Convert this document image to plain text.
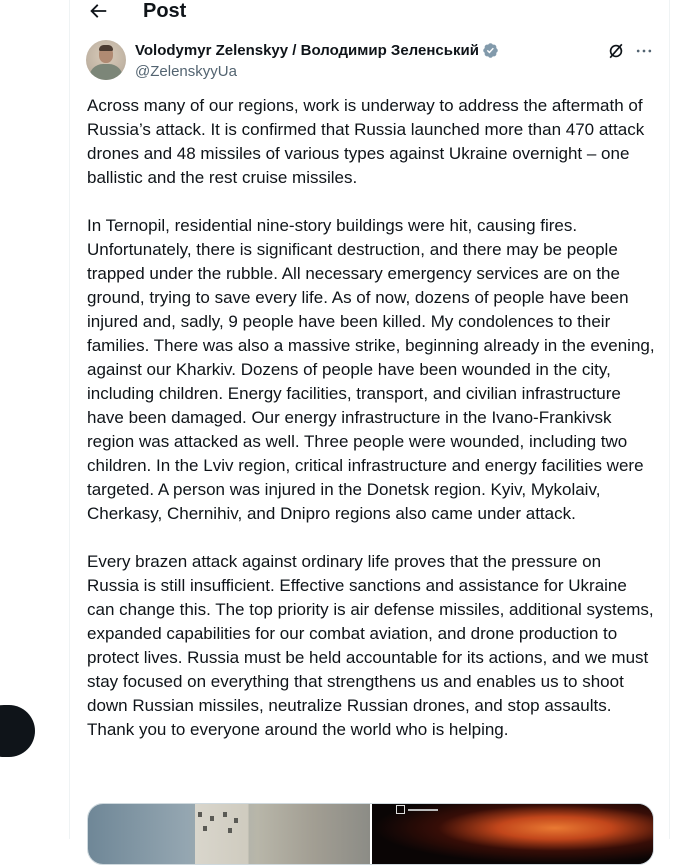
Post
Volodymyr Zelenskyy / Володимир Зеленський
@ZelenskyyUa

Across many of our regions, work is underway to address the aftermath of Russia’s attack. It is confirmed that Russia launched more than 470 attack drones and 48 missiles of various types against Ukraine overnight – one ballistic and the rest cruise missiles.

In Ternopil, residential nine-story buildings were hit, causing fires. Unfortunately, there is significant destruction, and there may be people trapped under the rubble. All necessary emergency services are on the ground, trying to save every life. As of now, dozens of people have been injured and, sadly, 9 people have been killed. My condolences to their families. There was also a massive strike, beginning already in the evening, against our Kharkiv. Dozens of people have been wounded in the city, including children. Energy facilities, transport, and civilian infrastructure have been damaged. Our energy infrastructure in the Ivano-Frankivsk region was attacked as well. Three people were wounded, including two children. In the Lviv region, critical infrastructure and energy facilities were targeted. A person was injured in the Donetsk region. Kyiv, Mykolaiv, Cherkasy, Chernihiv, and Dnipro regions also came under attack.

Every brazen attack against ordinary life proves that the pressure on Russia is still insufficient. Effective sanctions and assistance for Ukraine can change this. The top priority is air defense missiles, additional systems, expanded capabilities for our combat aviation, and drone production to protect lives. Russia must be held accountable for its actions, and we must stay focused on everything that strengthens us and enables us to shoot down Russian missiles, neutralize Russian drones, and stop assaults. Thank you to everyone around the world who is helping.
